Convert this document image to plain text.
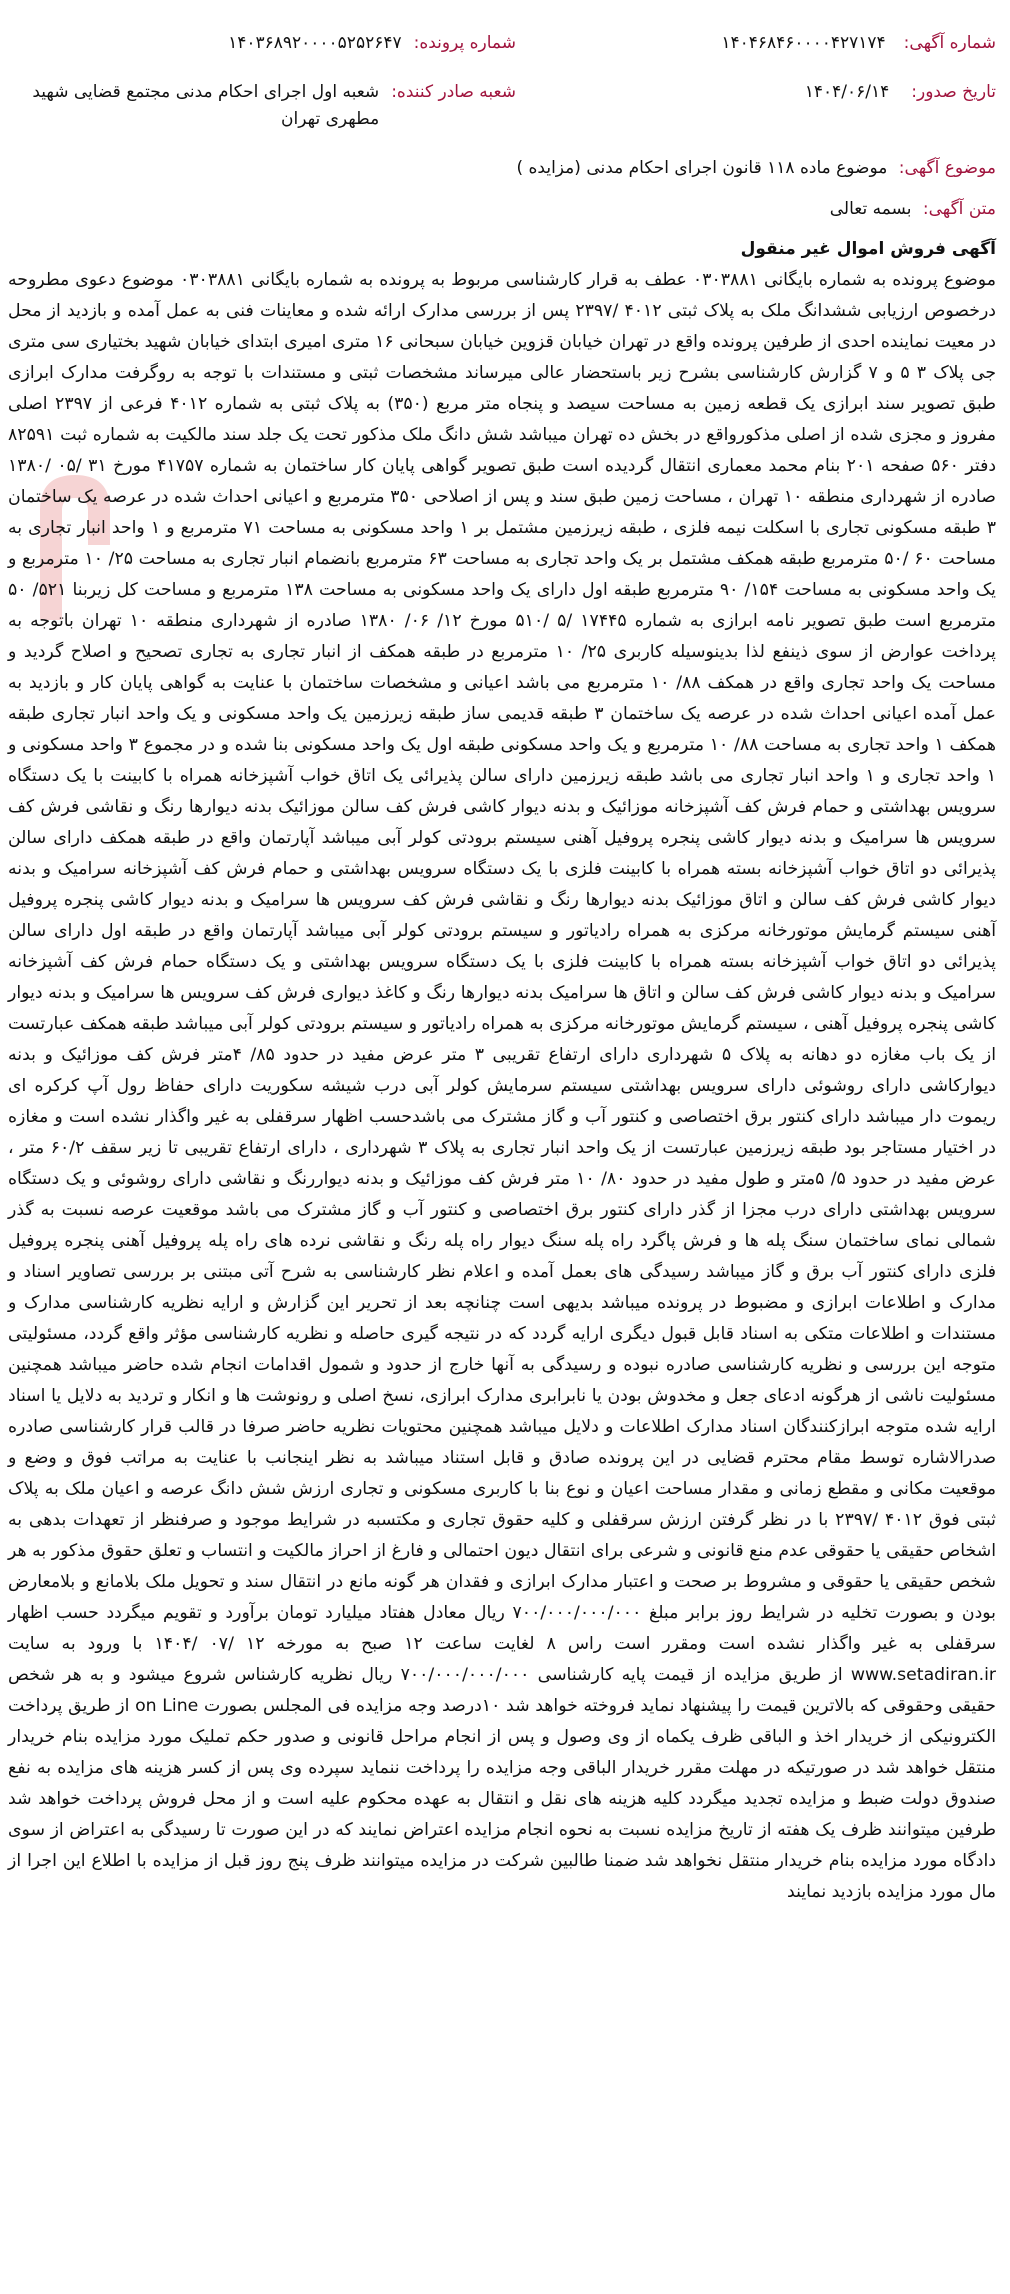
شماره آگهی:
۱۴۰۴۶۸۴۶۰۰۰۰۴۲۷۱۷۴
شماره پرونده:
۱۴۰۳۶۸۹۲۰۰۰۰۵۲۵۲۶۴۷
تاریخ صدور:
۱۴۰۴/۰۶/۱۴
شعبه صادر کننده:
شعبه اول اجرای احکام مدنی مجتمع قضایی شهید مطهری تهران
موضوع آگهی: موضوع ماده ۱۱۸ قانون اجرای احکام مدنی (مزایده )
متن آگهی: بسمه تعالی
آگهی فروش اموال غیر منقول

موضوع پرونده به شماره بایگانی ۰۳۰۳۸۸۱ عطف به قرار کارشناسی مربوط به پرونده به شماره بایگانی ۰۳۰۳۸۸۱ موضوع دعوی مطروحه درخصوص ارزیابی ششدانگ ملک به پلاک ثبتی ۴۰۱۲ /۲۳۹۷ پس از بررسی مدارک ارائه شده و معاینات فنی به عمل آمده و بازدید از محل در معیت نماینده احدی از طرفین پرونده واقع در تهران خیابان قزوین خیابان سبحانی ۱۶ متری امیری ابتدای خیابان شهید بختیاری سی متری جی پلاک ۳ ۵ و ۷ گزارش کارشناسی بشرح زیر باستحضار عالی میرساند مشخصات ثبتی و مستندات با توجه به روگرفت مدارک ابرازی طبق تصویر سند ابرازی یک قطعه زمین به مساحت سیصد و پنجاه متر مربع (۳۵۰) به پلاک ثبتی به شماره ۴۰۱۲ فرعی از ۲۳۹۷ اصلی مفروز و مجزی شده از اصلی مذکورواقع در بخش ده تهران میباشد شش دانگ ملک مذکور تحت یک جلد سند مالکیت به شماره ثبت ۸۲۵۹۱ دفتر ۵۶۰ صفحه ۲۰۱ بنام محمد معماری انتقال گردیده است طبق تصویر گواهی پایان کار ساختمان به شماره ۴۱۷۵۷ مورخ ۳۱ /۰۵ /۱۳۸۰ صادره از شهرداری منطقه ۱۰ تهران ، مساحت زمین طبق سند و پس از اصلاحی ۳۵۰ مترمربع و اعیانی احداث شده در عرصه یک ساختمان ۳ طبقه مسکونی تجاری با اسکلت نیمه فلزی ، طبقه زیرزمین مشتمل بر ۱ واحد مسکونی به مساحت ۷۱ مترمربع و ۱ واحد انبار تجاری به مساحت ۶۰ /۵۰ مترمربع طبقه همکف مشتمل بر یک واحد تجاری به مساحت ۶۳ مترمربع بانضمام انبار تجاری به مساحت ۲۵/ ۱۰ مترمربع و یک واحد مسکونی به مساحت ۱۵۴/ ۹۰ مترمربع طبقه اول دارای یک واحد مسکونی به مساحت ۱۳۸ مترمربع و مساحت کل زیربنا ۵۲۱/ ۵۰ مترمربع است طبق تصویر نامه ابرازی به شماره ۱۷۴۴۵ /۵ /۵۱۰ مورخ ۱۲/ ۰۶/ ۱۳۸۰ صادره از شهرداری منطقه ۱۰ تهران باتوجه به پرداخت عوارض از سوی ذینفع لذا بدینوسیله کاربری ۲۵/ ۱۰ مترمربع در طبقه همکف از انبار تجاری به تجاری تصحیح و اصلاح گردید و مساحت یک واحد تجاری واقع در همکف ۸۸/ ۱۰ مترمربع می باشد اعیانی و مشخصات ساختمان با عنایت به گواهی پایان کار و بازدید به عمل آمده اعیانی احداث شده در عرصه یک ساختمان ۳ طبقه قدیمی ساز طبقه زیرزمین یک واحد مسکونی و یک واحد انبار تجاری طبقه همکف ۱ واحد تجاری به مساحت ۸۸/ ۱۰ مترمربع و یک واحد مسکونی طبقه اول یک واحد مسکونی بنا شده و در مجموع ۳ واحد مسکونی و ۱ واحد تجاری و ۱ واحد انبار تجاری می باشد طبقه زیرزمین دارای سالن پذیرائی یک اتاق خواب آشپزخانه همراه با کابینت با یک دستگاه سرویس بهداشتی و حمام فرش کف آشپزخانه موزائیک و بدنه دیوار کاشی فرش کف سالن موزائیک بدنه دیوارها رنگ و نقاشی فرش کف سرویس ها سرامیک و بدنه دیوار کاشی پنجره پروفیل آهنی سیستم برودتی کولر آبی میباشد آپارتمان واقع در طبقه همکف دارای سالن پذیرائی دو اتاق خواب آشپزخانه بسته همراه با کابینت فلزی با یک دستگاه سرویس بهداشتی و حمام فرش کف آشپزخانه سرامیک و بدنه دیوار کاشی فرش کف سالن و اتاق موزائیک بدنه دیوارها رنگ و نقاشی فرش کف سرویس ها سرامیک و بدنه دیوار کاشی پنجره پروفیل آهنی سیستم گرمایش موتورخانه مرکزی به همراه رادیاتور و سیستم برودتی کولر آبی میباشد آپارتمان واقع در طبقه اول دارای سالن پذیرائی دو اتاق خواب آشپزخانه بسته همراه با کابینت فلزی با یک دستگاه سرویس بهداشتی و یک دستگاه حمام فرش کف آشپزخانه سرامیک و بدنه دیوار کاشی فرش کف سالن و اتاق ها سرامیک بدنه دیوارها رنگ و کاغذ دیواری فرش کف سرویس ها سرامیک و بدنه دیوار کاشی پنجره پروفیل آهنی ، سیستم گرمایش موتورخانه مرکزی به همراه رادیاتور و سیستم برودتی کولر آبی میباشد طبقه همکف عبارتست از یک باب مغازه دو دهانه به پلاک ۵ شهرداری دارای ارتفاع تقریبی ۳ متر عرض مفید در حدود ۸۵/ ۴متر فرش کف موزائیک و بدنه دیوارکاشی دارای روشوئی دارای سرویس بهداشتی سیستم سرمایش کولر آبی درب شیشه سکوریت دارای حفاظ رول آپ کرکره ای ریموت دار میباشد دارای کنتور برق اختصاصی و کنتور آب و گاز مشترک می باشدحسب اظهار سرقفلی به غیر واگذار نشده است و مغازه در اختیار مستاجر بود طبقه زیرزمین عبارتست از یک واحد انبار تجاری به پلاک ۳ شهرداری ، دارای ارتفاع تقریبی تا زیر سقف ۶۰/۲ متر ، عرض مفید در حدود ۵/ ۵متر و طول مفید در حدود ۸۰/ ۱۰ متر فرش کف موزائیک و بدنه دیواررنگ و نقاشی دارای روشوئی و یک دستگاه سرویس بهداشتی دارای درب مجزا از گذر دارای کنتور برق اختصاصی و کنتور آب و گاز مشترک می باشد موقعیت عرصه نسبت به گذر شمالی نمای ساختمان سنگ پله ها و فرش پاگرد راه پله سنگ دیوار راه پله رنگ و نقاشی نرده های راه پله پروفیل آهنی پنجره پروفیل فلزی دارای کنتور آب برق و گاز میباشد رسیدگی های بعمل آمده و اعلام نظر کارشناسی به شرح آتی مبتنی بر بررسی تصاویر اسناد و مدارک و اطلاعات ابرازی و مضبوط در پرونده میباشد بدیهی است چنانچه بعد از تحریر این گزارش و ارایه نظریه کارشناسی مدارک و مستندات و اطلاعات متکی به اسناد قابل قبول دیگری ارایه گردد که در نتیجه گیری حاصله و نظریه کارشناسی مؤثر واقع گردد، مسئولیتی متوجه این بررسی و نظریه کارشناسی صادره نبوده و رسیدگی به آنها خارج از حدود و شمول اقدامات انجام شده حاضر میباشد همچنین مسئولیت ناشی از هرگونه ادعای جعل و مخدوش بودن یا نابرابری مدارک ابرازی، نسخ اصلی و رونوشت ها و انکار و تردید به دلایل یا اسناد ارایه شده متوجه ابرازکنندگان اسناد مدارک اطلاعات و دلایل میباشد همچنین محتویات نظریه حاضر صرفا در قالب قرار کارشناسی صادره صدرالاشاره توسط مقام محترم قضایی در این پرونده صادق و قابل استناد میباشد به نظر اینجانب با عنایت به مراتب فوق و وضع و موقعیت مکانی و مقطع زمانی و مقدار مساحت اعیان و نوع بنا با کاربری مسکونی و تجاری ارزش شش دانگ عرصه و اعیان ملک به پلاک ثبتی فوق ۴۰۱۲ /۲۳۹۷ با در نظر گرفتن ارزش سرقفلی و کلیه حقوق تجاری و مکتسبه در شرایط موجود و صرفنظر از تعهدات بدهی به اشخاص حقیقی یا حقوقی عدم منع قانونی و شرعی برای انتقال دیون احتمالی و فارغ از احراز مالکیت و انتساب و تعلق حقوق مذکور به هر شخص حقیقی یا حقوقی و مشروط بر صحت و اعتبار مدارک ابرازی و فقدان هر گونه مانع در انتقال سند و تحویل ملک بلامانع و بلامعارض بودن و بصورت تخلیه در شرایط روز برابر مبلغ ۷۰۰/۰۰۰/۰۰۰/۰۰۰ ریال معادل هفتاد میلیارد تومان برآورد و تقویم میگردد حسب اظهار سرقفلی به غیر واگذار نشده است ومقرر است راس ۸ لغایت ساعت ۱۲ صبح به مورخه ۱۲ /۰۷ /۱۴۰۴ با ورود به سایت www.setadiran.ir از طریق مزایده از قیمت پایه کارشناسی ۷۰۰/۰۰۰/۰۰۰/۰۰۰ ریال نظریه کارشناس شروع میشود و به هر شخص حقیقی وحقوقی که بالاترین قیمت را پیشنهاد نماید فروخته خواهد شد ۱۰درصد وجه مزایده فی المجلس بصورت on Line از طریق پرداخت الکترونیکی از خریدار اخذ و الباقی ظرف یکماه از وی وصول و پس از انجام مراحل قانونی و صدور حکم تملیک مورد مزایده بنام خریدار منتقل خواهد شد در صورتیکه در مهلت مقرر خریدار الباقی وجه مزایده را پرداخت ننماید سپرده وی پس از کسر هزینه های مزایده به نفع صندوق دولت ضبط و مزایده تجدید میگردد کلیه هزینه های نقل و انتقال به عهده محکوم علیه است و از محل فروش پرداخت خواهد شد طرفین میتوانند ظرف یک هفته از تاریخ مزایده نسبت به نحوه انجام مزایده اعتراض نمایند که در این صورت تا رسیدگی به اعتراض از سوی دادگاه مورد مزایده بنام خریدار منتقل نخواهد شد ضمنا طالبین شرکت در مزایده میتوانند ظرف پنج روز قبل از مزایده با اطلاع این اجرا از مال مورد مزایده بازدید نمایند
